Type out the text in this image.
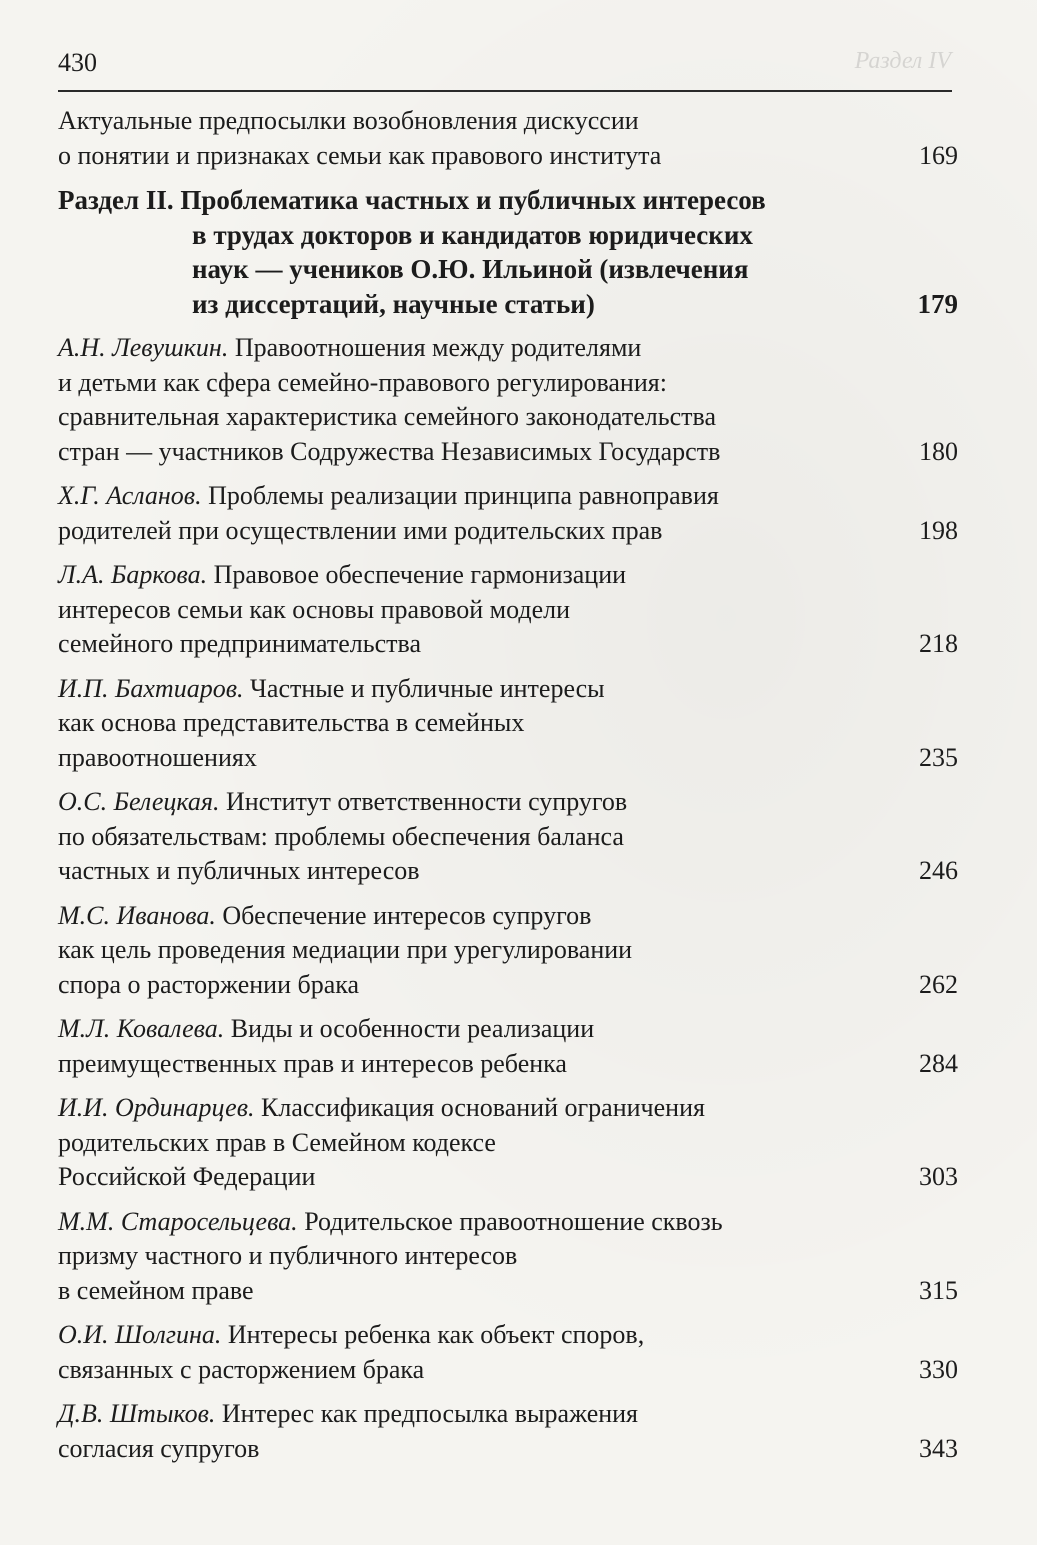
Раздел IV
430
Актуальные предпосылки возобновления дискуссии
о понятии и признаках семьи как правового института	169
Раздел II. Проблематика частных и публичных интересов
в трудах докторов и кандидатов юридических
наук — учеников О.Ю. Ильиной (извлечения
из диссертаций, научные статьи)	179
А.Н. Левушкин. Правоотношения между родителями
и детьми как сфера семейно-правового регулирования:
сравнительная характеристика семейного законодательства
стран — участников Содружества Независимых Государств	180
Х.Г. Асланов. Проблемы реализации принципа равноправия
родителей при осуществлении ими родительских прав	198
Л.А. Баркова. Правовое обеспечение гармонизации
интересов семьи как основы правовой модели
семейного предпринимательства	218
И.П. Бахтиаров. Частные и публичные интересы
как основа представительства в семейных
правоотношениях	235
О.С. Белецкая. Институт ответственности супругов
по обязательствам: проблемы обеспечения баланса
частных и публичных интересов	246
М.С. Иванова. Обеспечение интересов супругов
как цель проведения медиации при урегулировании
спора о расторжении брака	262
М.Л. Ковалева. Виды и особенности реализации
преимущественных прав и интересов ребенка	284
И.И. Ординарцев. Классификация оснований ограничения
родительских прав в Семейном кодексе
Российской Федерации	303
М.М. Старосельцева. Родительское правоотношение сквозь
призму частного и публичного интересов
в семейном праве	315
О.И. Шолгина. Интересы ребенка как объект споров,
связанных с расторжением брака	330
Д.В. Штыков. Интерес как предпосылка выражения
согласия супругов	343
